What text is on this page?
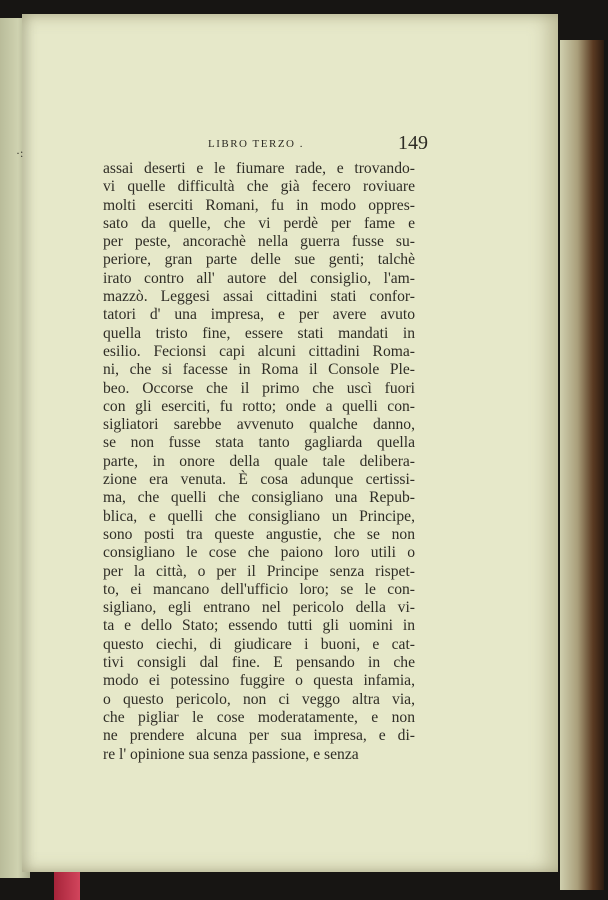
LIBRO TERZO .	149
assai deserti e le fiumare rade, e trovando-
vi quelle difficultà che già fecero roviuare
molti eserciti Romani, fu in modo oppres-
sato da quelle, che vi perdè per fame e
per peste, ancorachè nella guerra fusse su-
periore, gran parte delle sue genti; talchè
irato contro all' autore del consiglio, l'am-
mazzò. Leggesi assai cittadini stati confor-
tatori d' una impresa, e per avere avuto
quella tristo fine, essere stati mandati in
esilio. Fecionsi capi alcuni cittadini Roma-
ni, che si facesse in Roma il Console Ple-
beo. Occorse che il primo che uscì fuori
con gli eserciti, fu rotto; onde a quelli con-
sigliatori sarebbe avvenuto qualche danno,
se non fusse stata tanto gagliarda quella
parte, in onore della quale tale delibera-
zione era venuta. È cosa adunque certissi-
ma, che quelli che consigliano una Repub-
blica, e quelli che consigliano un Principe,
sono posti tra queste angustie, che se non
consigliano le cose che paiono loro utili o
per la città, o per il Principe senza rispet-
to, ei mancano dell'ufficio loro; se le con-
sigliano, egli entrano nel pericolo della vi-
ta e dello Stato; essendo tutti gli uomini in
questo ciechi, di giudicare i buoni, e cat-
tivi consigli dal fine. E pensando in che
modo ei potessino fuggire o questa infamia,
o questo pericolo, non ci veggo altra via,
che pigliar le cose moderatamente, e non
ne prendere alcuna per sua impresa, e di-
re l' opinione sua senza passione, e senza
·:
